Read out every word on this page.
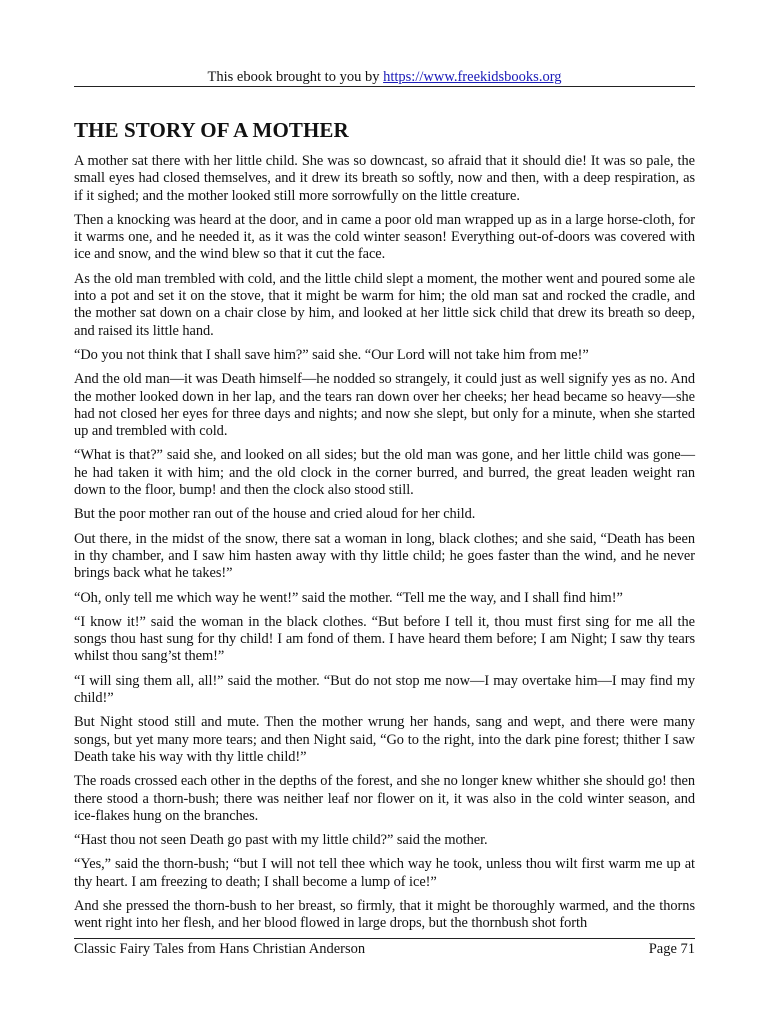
This ebook brought to you by https://www.freekidsbooks.org
THE STORY OF A MOTHER

A mother sat there with her little child. She was so downcast, so afraid that it should die! It was so pale, the small eyes had closed themselves, and it drew its breath so softly, now and then, with a deep respiration, as if it sighed; and the mother looked still more sorrowfully on the little creature.

Then a knocking was heard at the door, and in came a poor old man wrapped up as in a large horse-cloth, for it warms one, and he needed it, as it was the cold winter season! Everything out-of-doors was covered with ice and snow, and the wind blew so that it cut the face.

As the old man trembled with cold, and the little child slept a moment, the mother went and poured some ale into a pot and set it on the stove, that it might be warm for him; the old man sat and rocked the cradle, and the mother sat down on a chair close by him, and looked at her little sick child that drew its breath so deep, and raised its little hand.

“Do you not think that I shall save him?” said she. “Our Lord will not take him from me!”

And the old man—it was Death himself—he nodded so strangely, it could just as well signify yes as no. And the mother looked down in her lap, and the tears ran down over her cheeks; her head became so heavy—she had not closed her eyes for three days and nights; and now she slept, but only for a minute, when she started up and trembled with cold.

“What is that?” said she, and looked on all sides; but the old man was gone, and her little child was gone—he had taken it with him; and the old clock in the corner burred, and burred, the great leaden weight ran down to the floor, bump! and then the clock also stood still.

But the poor mother ran out of the house and cried aloud for her child.

Out there, in the midst of the snow, there sat a woman in long, black clothes; and she said, “Death has been in thy chamber, and I saw him hasten away with thy little child; he goes faster than the wind, and he never brings back what he takes!”

“Oh, only tell me which way he went!” said the mother. “Tell me the way, and I shall find him!”

“I know it!” said the woman in the black clothes. “But before I tell it, thou must first sing for me all the songs thou hast sung for thy child! I am fond of them. I have heard them before; I am Night; I saw thy tears whilst thou sang’st them!”

“I will sing them all, all!” said the mother. “But do not stop me now—I may overtake him—I may find my child!”

But Night stood still and mute. Then the mother wrung her hands, sang and wept, and there were many songs, but yet many more tears; and then Night said, “Go to the right, into the dark pine forest; thither I saw Death take his way with thy little child!”

The roads crossed each other in the depths of the forest, and she no longer knew whither she should go! then there stood a thorn-bush; there was neither leaf nor flower on it, it was also in the cold winter season, and ice-flakes hung on the branches.

“Hast thou not seen Death go past with my little child?” said the mother.

“Yes,” said the thorn-bush; “but I will not tell thee which way he took, unless thou wilt first warm me up at thy heart. I am freezing to death; I shall become a lump of ice!”

And she pressed the thorn-bush to her breast, so firmly, that it might be thoroughly warmed, and the thorns went right into her flesh, and her blood flowed in large drops, but the thornbush shot forth

Classic Fairy Tales from Hans Christian Anderson	Page 71
